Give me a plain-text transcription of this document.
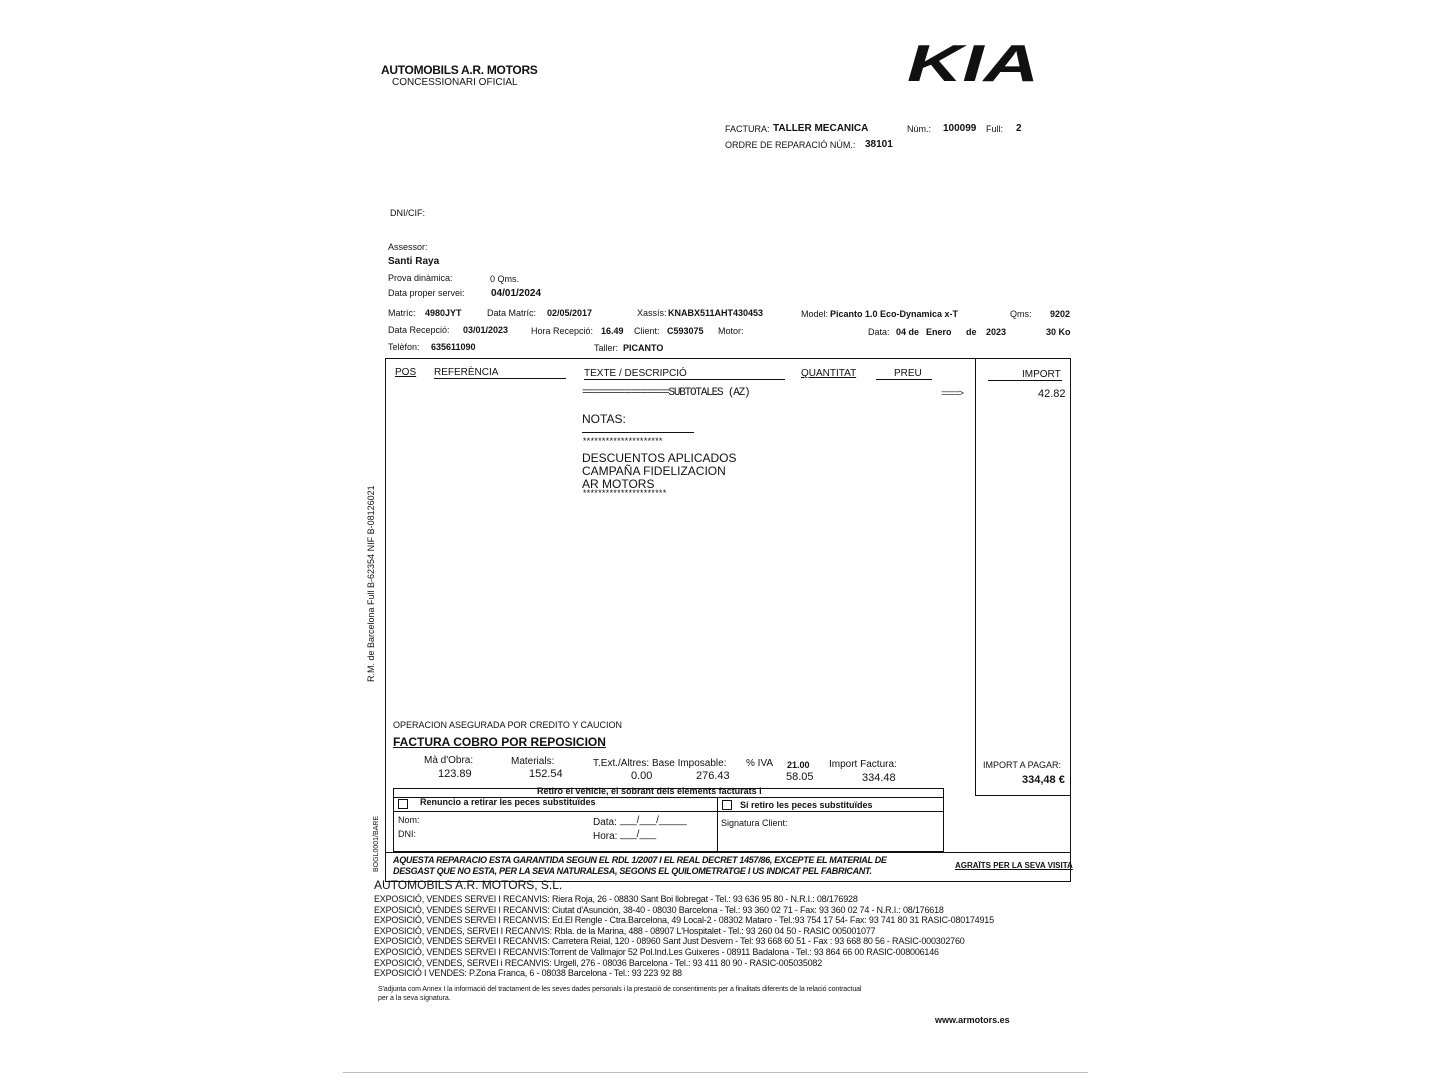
AUTOMOBILS A.R. MOTORS
CONCESSIONARI OFICIAL	KIA
FACTURA: TALLER MECANICA	Núm.: 100099 Full: 2
ORDRE DE REPARACIÓ NÚM.: 38101
DNI/CIF:
Assessor:
Santi Raya
Prova dinàmica:	0 Qms.
Data proper servei:	04/01/2024
Matríc: 4980JYT	Data Matríc: 02/05/2017	Xassís: KNABX511AHT430453	Model: Picanto 1.0 Eco-Dynamica x-T	Qms: 9202
Data Recepció: 03/01/2023	Hora Recepció: 16.49 Client: C593075 Motor:	Data: 04 de Enero de 2023	30 Ko
Telèfon: 635611090	Taller: PICANTO
POS REFERÈNCIA	TEXTE / DESCRIPCIÓ	QUANTITAT	PREU	IMPORT
================SUBTOTALES (AZ)	====>	42.82
NOTAS:
*********************
DESCUENTOS APLICADOS
CAMPAÑA FIDELIZACION
AR MOTORS
**********************
R.M. de Barcelona Full B-62354 NIF B-08126021
BOGL0001/BARE
OPERACION ASEGURADA POR CREDITO Y CAUCION
FACTURA COBRO POR REPOSICION
Mà d'Obra:
123.89
Materials:
152.54
T.Ext./Altres:
0.00
Base Imposable:
276.43
% IVA 21.00
58.05
Import Factura:
334.48
IMPORT A PAGAR:
334,48 €
Retiro el vehicle, el sobrant dels elements facturats i
Renuncio a retirar les peces substituïdes	Sí retiro les peces substituïdes
Nom:
DNI:
Data: ___/___/_____
Hora: ___/___
Signatura Client:
AQUESTA REPARACIO ESTA GARANTIDA SEGUN EL RDL 1/2007 I EL REAL DECRET 1457/86, EXCEPTE EL MATERIAL DE
DESGAST QUE NO ESTA, PER LA SEVA NATURALESA, SEGONS EL QUILOMETRATGE I US INDICAT PEL FABRICANT.
AGRAÏTS PER LA SEVA VISITA
AUTOMOBILS A.R. MOTORS, S.L.
EXPOSICIÓ, VENDES SERVEI I RECANVIS: Riera Roja, 26 - 08830 Sant Boi llobregat - Tel.: 93 636 95 80 - N.R.I.: 08/176928
EXPOSICIÓ, VENDES SERVEI I RECANVIS: Ciutat d'Asunción, 38-40 - 08030 Barcelona - Tel.: 93 360 02 71 - Fax: 93 360 02 74 - N.R.I.: 08/176618
EXPOSICIÓ, VENDES SERVEI I RECANVIS: Ed.El Rengle - Ctra.Barcelona, 49 Local-2 - 08302 Mataro - Tel.:93 754 17 54- Fax: 93 741 80 31 RASIC-080174915
EXPOSICIÓ, VENDES, SERVEI I RECANVIS: Rbla. de la Marina, 488 - 08907 L'Hospitalet - Tel.: 93 260 04 50 - RASIC 005001077
EXPOSICIÓ, VENDES SERVEI I RECANVIS: Carretera Reial, 120 - 08960 Sant Just Desvern - Tel: 93 668 60 51 - Fax : 93 668 80 56 - RASIC-000302760
EXPOSICIÓ, VENDES SERVEI I RECANVIS:Torrent de Vallmajor 52 Pol.Ind.Les Guixeres - 08911 Badalona - Tel.: 93 864 66 00 RASIC-008006146
EXPOSICIÓ, VENDES, SERVEI i RECANVIS: Urgell, 276 - 08036 Barcelona - Tel.: 93 411 80 90 - RASIC-005035082
EXPOSICIÓ I VENDES: P.Zona Franca, 6 - 08038 Barcelona - Tel.: 93 223 92 88
S'adjunta com Annex I la informació del tractament de les seves dades personals i la prestació de consentiments per a finalitats diferents de la relació contractual
per a la seva signatura.
www.armotors.es
